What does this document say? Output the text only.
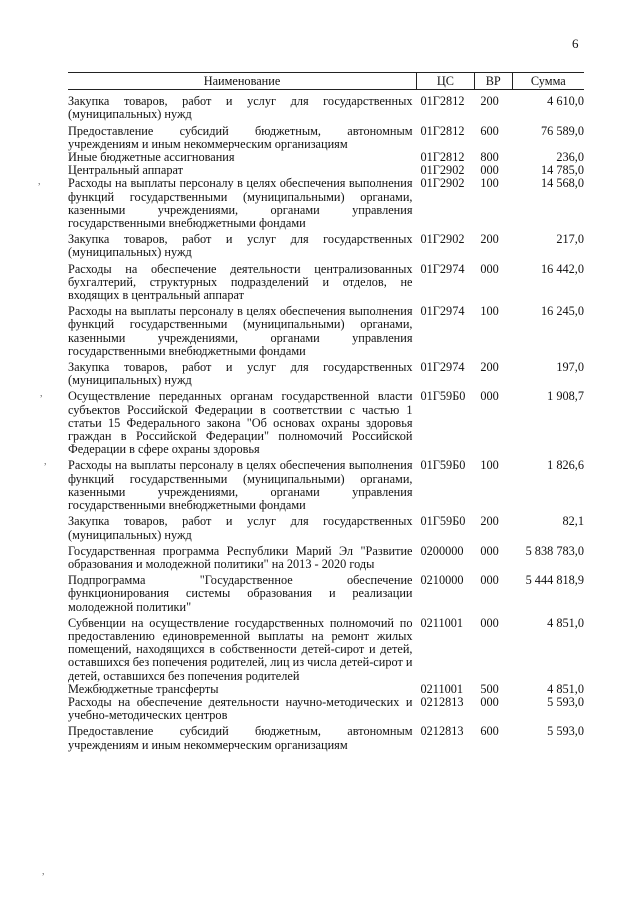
6
,
,
,
,
Наименование	ЦС	ВР	Сумма
Закупка товаров, работ и услуг для государственных (муниципальных) нужд	01Г2812	200	4 610,0
Предоставление субсидий бюджетным, автономным учреждениям и иным некоммерческим организациям	01Г2812	600	76 589,0
Иные бюджетные ассигнования	01Г2812	800	236,0
Центральный аппарат	01Г2902	000	14 785,0
Расходы на выплаты персоналу в целях обеспечения выполнения функций государственными (муниципальными) органами, казенными учреждениями, органами управления государственными внебюджетными фондами	01Г2902	100	14 568,0
Закупка товаров, работ и услуг для государственных (муниципальных) нужд	01Г2902	200	217,0
Расходы на обеспечение деятельности централизованных бухгалтерий, структурных подразделений и отделов, не входящих в центральный аппарат	01Г2974	000	16 442,0
Расходы на выплаты персоналу в целях обеспечения выполнения функций государственными (муниципальными) органами, казенными учреждениями, органами управления государственными внебюджетными фондами	01Г2974	100	16 245,0
Закупка товаров, работ и услуг для государственных (муниципальных) нужд	01Г2974	200	197,0
Осуществление переданных органам государственной власти субъектов Российской Федерации в соответствии с частью 1 статьи 15 Федерального закона "Об основах охраны здоровья граждан в Российской Федерации" полномочий Российской Федерации в сфере охраны здоровья	01Г59Б0	000	1 908,7
Расходы на выплаты персоналу в целях обеспечения выполнения функций государственными (муниципальными) органами, казенными учреждениями, органами управления государственными внебюджетными фондами	01Г59Б0	100	1 826,6
Закупка товаров, работ и услуг для государственных (муниципальных) нужд	01Г59Б0	200	82,1
Государственная программа Республики Марий Эл "Развитие образования и молодежной политики" на 2013 - 2020 годы	0200000	000	5 838 783,0
Подпрограмма "Государственное обеспечение функционирования системы образования и реализации молодежной политики"	0210000	000	5 444 818,9
Субвенции на осуществление государственных полномочий по предоставлению единовременной выплаты на ремонт жилых помещений, находящихся в собственности детей-сирот и детей, оставшихся без попечения родителей, лиц из числа детей-сирот и детей, оставшихся без попечения родителей	0211001	000	4 851,0
Межбюджетные трансферты	0211001	500	4 851,0
Расходы на обеспечение деятельности научно-методических и учебно-методических центров	0212813	000	5 593,0
Предоставление субсидий бюджетным, автономным учреждениям и иным некоммерческим организациям	0212813	600	5 593,0
